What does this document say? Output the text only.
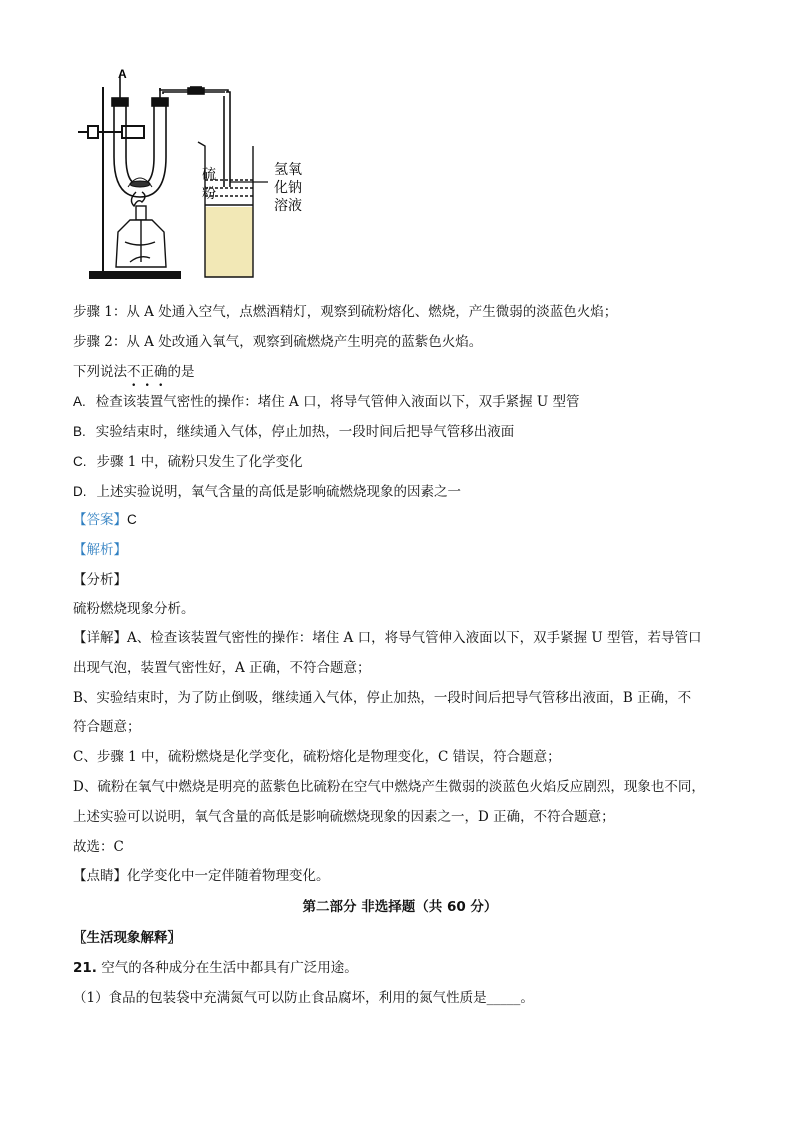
A
硫
粉
氢氧
化钠
溶液
步骤 1：从 A 处通入空气，点燃酒精灯，观察到硫粉熔化、燃烧，产生微弱的淡蓝色火焰；
步骤 2：从 A 处改通入氧气，观察到硫燃烧产生明亮的蓝紫色火焰。
下列说法不正确的是
A. 检查该装置气密性的操作：堵住 A 口，将导气管伸入液面以下，双手紧握 U 型管
B. 实验结束时，继续通入气体，停止加热，一段时间后把导气管移出液面
C. 步骤 1 中，硫粉只发生了化学变化
D. 上述实验说明，氧气含量的高低是影响硫燃烧现象的因素之一
【答案】C
【解析】
【分析】
硫粉燃烧现象分析。
【详解】A、检查该装置气密性的操作：堵住 A 口，将导气管伸入液面以下，双手紧握 U 型管，若导管口
出现气泡，装置气密性好，A 正确，不符合题意；
B、实验结束时，为了防止倒吸，继续通入气体，停止加热，一段时间后把导气管移出液面，B 正确，不
符合题意；
C、步骤 1 中，硫粉燃烧是化学变化，硫粉熔化是物理变化，C 错误，符合题意；
D、硫粉在氧气中燃烧是明亮的蓝紫色比硫粉在空气中燃烧产生微弱的淡蓝色火焰反应剧烈，现象也不同，
上述实验可以说明，氧气含量的高低是影响硫燃烧现象的因素之一，D 正确，不符合题意；
故选：C
【点睛】化学变化中一定伴随着物理变化。
第二部分 非选择题（共 60 分）
〖生活现象解释〗
21. 空气的各种成分在生活中都具有广泛用途。
（1）食品的包装袋中充满氮气可以防止食品腐坏，利用的氮气性质是_____。
